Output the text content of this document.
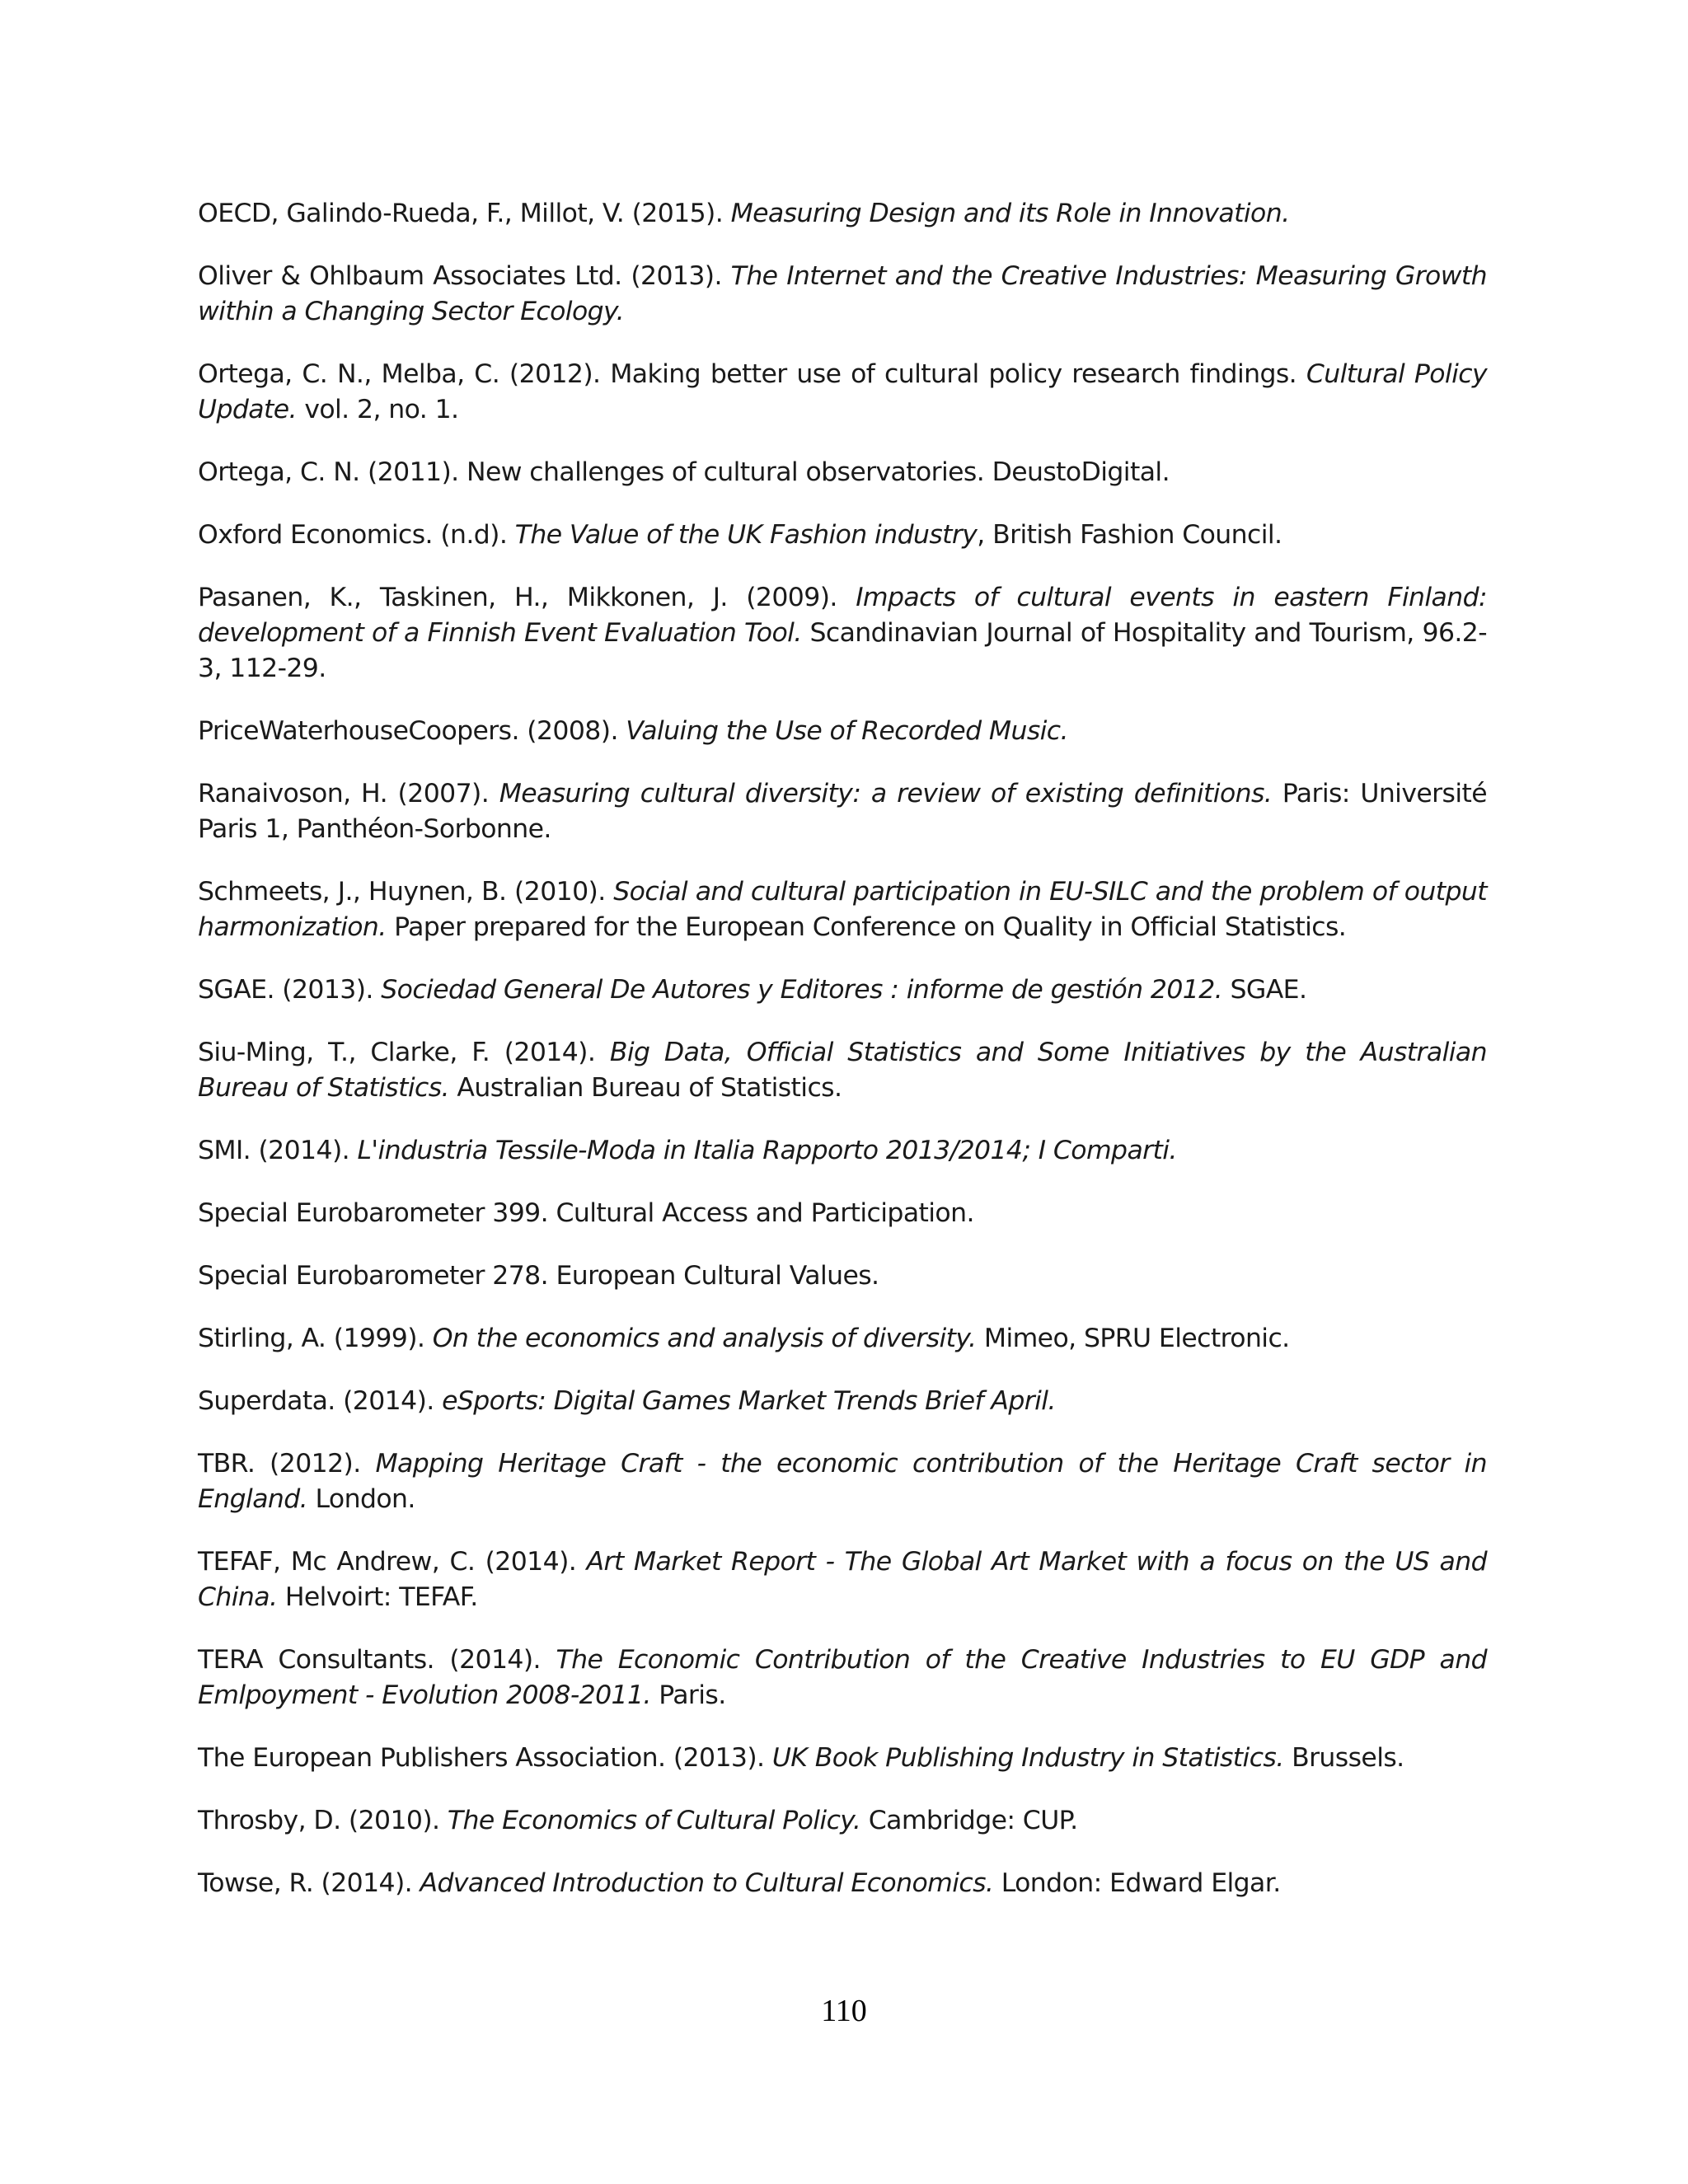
OECD, Galindo-Rueda, F., Millot, V. (2015). Measuring Design and its Role in Innovation.

Oliver & Ohlbaum Associates Ltd. (2013). The Internet and the Creative Industries: Measuring Growth within a Changing Sector Ecology.

Ortega, C. N., Melba, C. (2012). Making better use of cultural policy research findings. Cultural Policy Update. vol. 2, no. 1.

Ortega, C. N. (2011). New challenges of cultural observatories. DeustoDigital.

Oxford Economics. (n.d). The Value of the UK Fashion industry, British Fashion Council.

Pasanen, K., Taskinen, H., Mikkonen, J. (2009). Impacts of cultural events in eastern Finland: development of a Finnish Event Evaluation Tool. Scandinavian Journal of Hospitality and Tourism, 96.2-3, 112-29.

PriceWaterhouseCoopers. (2008). Valuing the Use of Recorded Music.

Ranaivoson, H. (2007). Measuring cultural diversity: a review of existing definitions. Paris: Université Paris 1, Panthéon-Sorbonne.

Schmeets, J., Huynen, B. (2010). Social and cultural participation in EU-SILC and the problem of output harmonization. Paper prepared for the European Conference on Quality in Official Statistics.

SGAE. (2013). Sociedad General De Autores y Editores : informe de gestión 2012. SGAE.

Siu-Ming, T., Clarke, F. (2014). Big Data, Official Statistics and Some Initiatives by the Australian Bureau of Statistics. Australian Bureau of Statistics.

SMI. (2014). L'industria Tessile-Moda in Italia Rapporto 2013/2014; I Comparti.

Special Eurobarometer 399. Cultural Access and Participation.

Special Eurobarometer 278. European Cultural Values.

Stirling, A. (1999). On the economics and analysis of diversity. Mimeo, SPRU Electronic.

Superdata. (2014). eSports: Digital Games Market Trends Brief April.

TBR. (2012). Mapping Heritage Craft - the economic contribution of the Heritage Craft sector in England. London.

TEFAF, Mc Andrew, C. (2014). Art Market Report - The Global Art Market with a focus on the US and China. Helvoirt: TEFAF.

TERA Consultants. (2014). The Economic Contribution of the Creative Industries to EU GDP and Emlpoyment - Evolution 2008-2011. Paris.

The European Publishers Association. (2013). UK Book Publishing Industry in Statistics. Brussels.

Throsby, D. (2010). The Economics of Cultural Policy. Cambridge: CUP.

Towse, R. (2014). Advanced Introduction to Cultural Economics. London: Edward Elgar.

110
